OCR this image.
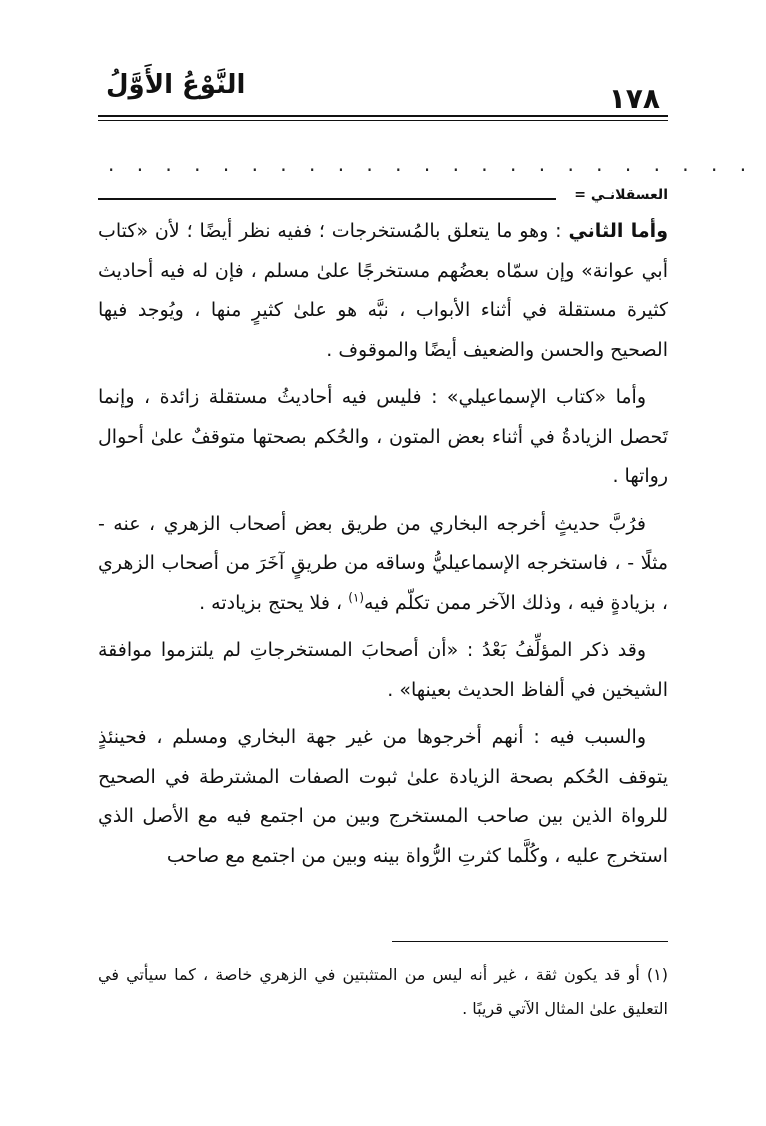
١٧٨
النَّوْعُ الأَوَّلُ
. . . . . . . . . . . . . . . . . . . . . . .
العسقلانـي =

وأما الثاني : وهو ما يتعلق بالمُستخرجات ؛ ففيه نظر أيضًا ؛ لأن «كتاب أبي عوانة» وإن سمّاه بعضُهم مستخرجًا علىٰ مسلم ، فإن له فيه أحاديث كثيرة مستقلة في أثناء الأبواب ، نبَّه هو علىٰ كثيرٍ منها ، ويُوجد فيها الصحيح والحسن والضعيف أيضًا والموقوف .

وأما «كتاب الإسماعيلي» : فليس فيه أحاديثُ مستقلة زائدة ، وإنما تَحصل الزيادةُ في أثناء بعض المتون ، والحُكم بصحتها متوقفٌ علىٰ أحوال رواتها .

فرُبَّ حديثٍ أخرجه البخاري من طريق بعض أصحاب الزهري ، عنه - مثلًا - ، فاستخرجه الإسماعيليُّ وساقه من طريقٍ آخَرَ من أصحاب الزهري ، بزيادةٍ فيه ، وذلك الآخر ممن تكلّم فيه$^{(١)}$ ، فلا يحتج بزيادته .

وقد ذكر المؤلِّفُ بَعْدُ : «أن أصحابَ المستخرجاتِ لم يلتزموا موافقة الشيخين في ألفاظ الحديث بعينها» .

والسبب فيه : أنهم أخرجوها من غير جهة البخاري ومسلم ، فحينئذٍ يتوقف الحُكم بصحة الزيادة علىٰ ثبوت الصفات المشترطة في الصحيح للرواة الذين بين صاحب المستخرج وبين من اجتمع فيه مع الأصل الذي استخرج عليه ، وكُلَّما كثرتِ الرُّواة بينه وبين من اجتمع مع صاحب

(١) أو قد يكون ثقة ، غير أنه ليس من المتثبتين في الزهري خاصة ، كما سيأتي في التعليق علىٰ المثال الآتي قريبًا .
